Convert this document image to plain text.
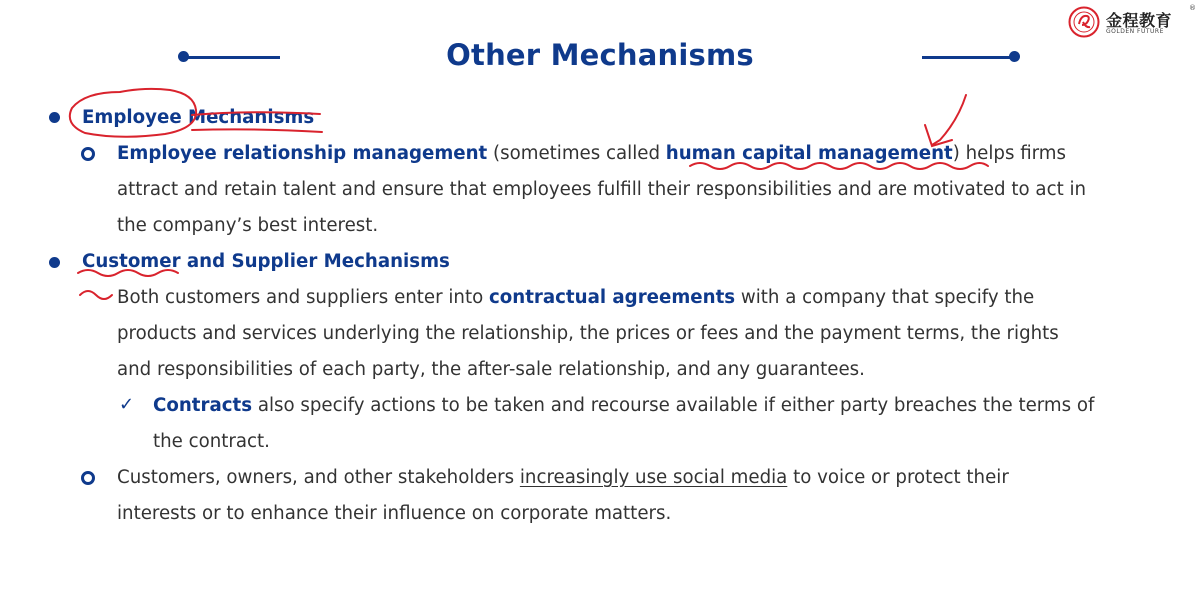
金程教育
GOLDEN FUTURE
®
Other Mechanisms
Employee Mechanisms
Employee relationship management (sometimes called human capital management) helps firms
attract and retain talent and ensure that employees fulfill their responsibilities and are motivated to act in
the company’s best interest.
Customer and Supplier Mechanisms
Both customers and suppliers enter into contractual agreements with a company that specify the
products and services underlying the relationship, the prices or fees and the payment terms, the rights
and responsibilities of each party, the after-sale relationship, and any guarantees.
✓ Contracts also specify actions to be taken and recourse available if either party breaches the terms of
the contract.
Customers, owners, and other stakeholders increasingly use social media to voice or protect their
interests or to enhance their influence on corporate matters.
